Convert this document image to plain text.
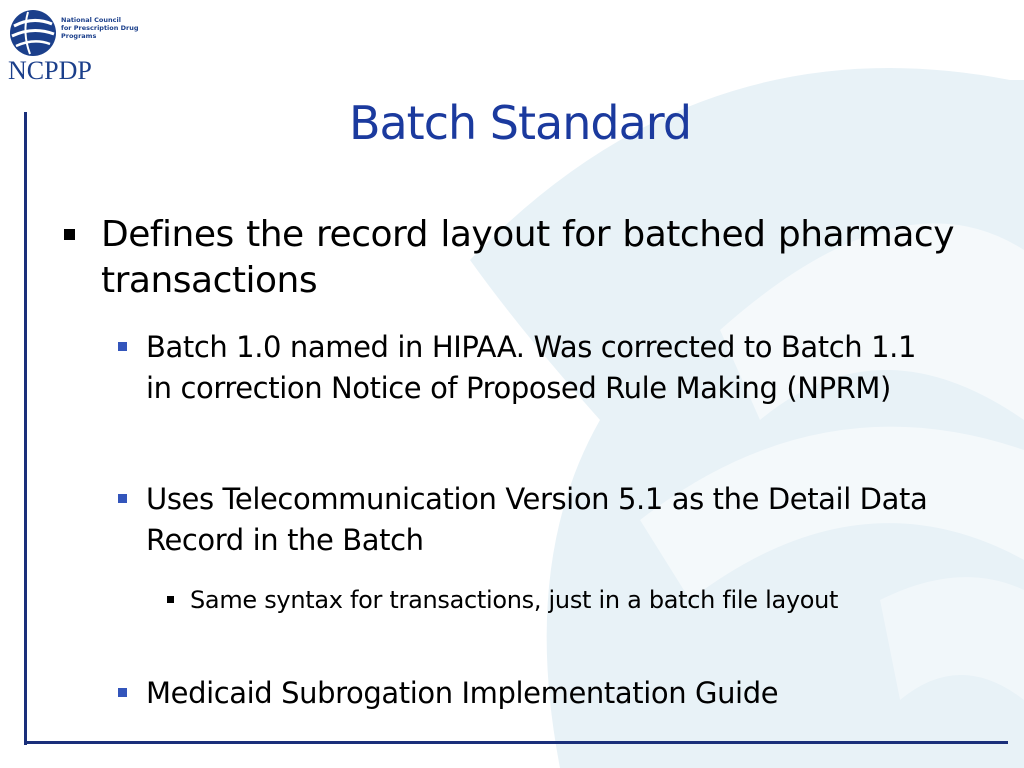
National Council
for Prescription Drug
Programs
NCPDP
Batch Standard
Defines the record layout for batched pharmacy transactions
Batch 1.0 named in HIPAA. Was corrected to Batch 1.1 in correction Notice of Proposed Rule Making (NPRM)
Uses Telecommunication Version 5.1 as the Detail Data Record in the Batch
Same syntax for transactions, just in a batch file layout
Medicaid Subrogation Implementation Guide
